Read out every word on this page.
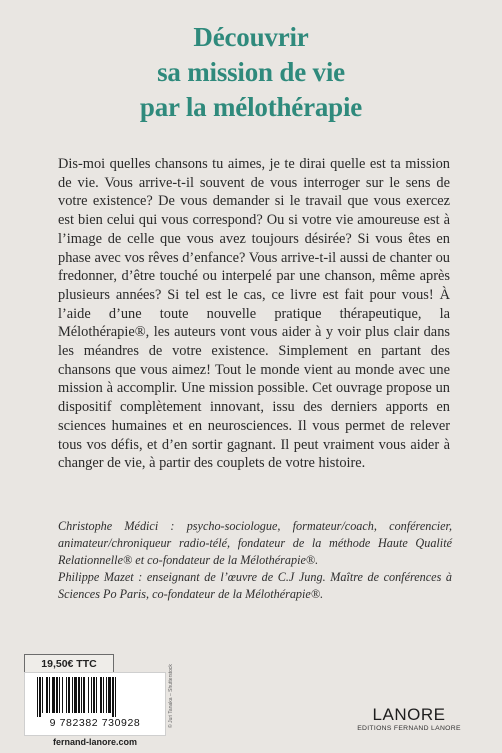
Découvrir
sa mission de vie
par la mélothérapie
Dis-moi quelles chansons tu aimes, je te dirai quelle est ta mission de vie. Vous arrive-t-il souvent de vous interroger sur le sens de votre existence? De vous demander si le travail que vous exercez est bien celui qui vous correspond? Ou si votre vie amoureuse est à l’image de celle que vous avez toujours désirée? Si vous êtes en phase avec vos rêves d’enfance? Vous arrive-t-il aussi de chanter ou fredonner, d’être touché ou interpelé par une chanson, même après plusieurs années? Si tel est le cas, ce livre est fait pour vous! À l’aide d’une toute nouvelle pratique thérapeutique, la Mélothérapie®, les auteurs vont vous aider à y voir plus clair dans les méandres de votre existence. Simplement en partant des chansons que vous aimez! Tout le monde vient au monde avec une mission à accomplir. Une mission possible. Cet ouvrage propose un dispositif complètement innovant, issu des derniers apports en sciences humaines et en neurosciences. Il vous permet de relever tous vos défis, et d’en sortir gagnant. Il peut vraiment vous aider à changer de vie, à partir des couplets de votre histoire.

Christophe Médici : psycho-sociologue, formateur/coach, conférencier, animateur/chroniqueur radio-télé, fondateur de la méthode Haute Qualité Relationnelle® et co-fondateur de la Mélothérapie®.

Philippe Mazet : enseignant de l’œuvre de C.J Jung. Maître de conférences à Sciences Po Paris, co-fondateur de la Mélothérapie®.

19,50€ TTC
9 782382 730928	© Juri Tanaka – Shutterstock
fernand-lanore.com
LANORE
EDITIONS FERNAND LANORE
